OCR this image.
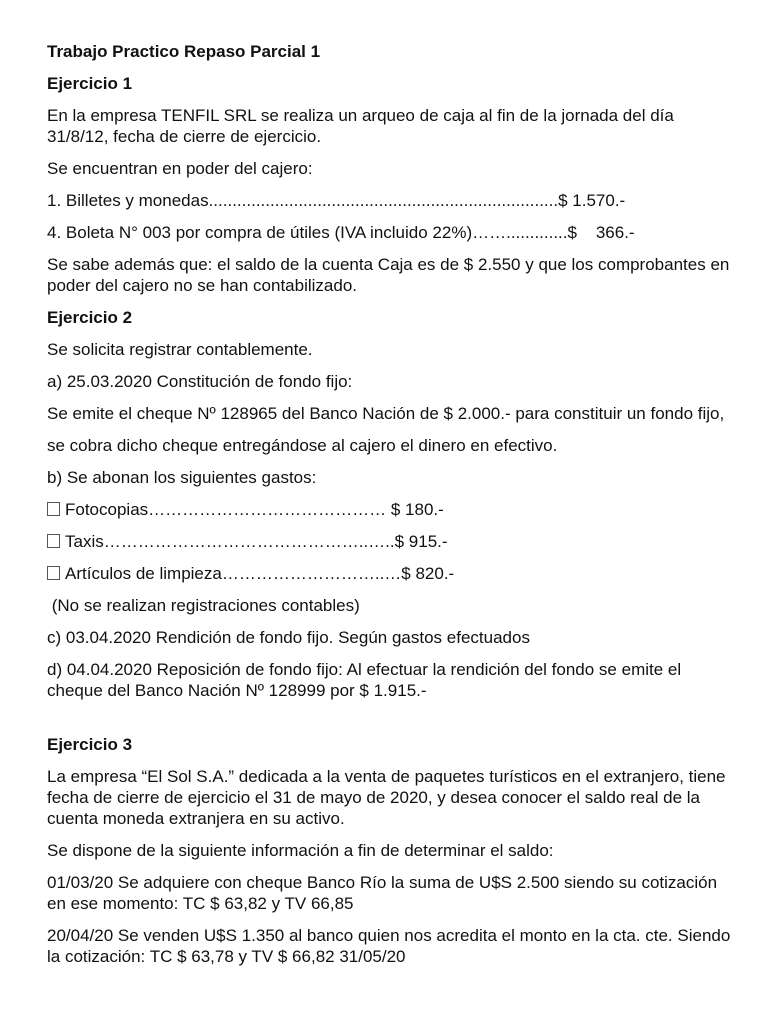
Trabajo Practico Repaso Parcial 1
Ejercicio 1
En la empresa TENFIL SRL se realiza un arqueo de caja al fin de la jornada del día 31/8/12, fecha de cierre de ejercicio.
Se encuentran en poder del cajero:
1. Billetes y monedas..........................................................................$ 1.570.-
4. Boleta N° 003 por compra de útiles (IVA incluido 22%)…….............$    366.-
Se sabe además que: el saldo de la cuenta Caja es de $ 2.550 y que los comprobantes en poder del cajero no se han contabilizado.
Ejercicio 2
Se solicita registrar contablemente.
a) 25.03.2020 Constitución de fondo fijo:
Se emite el cheque Nº 128965 del Banco Nación de $ 2.000.- para constituir un fondo fijo,
se cobra dicho cheque entregándose al cajero el dinero en efectivo.
b) Se abonan los siguientes gastos:
Fotocopias…………………………………… $ 180.-
Taxis………………………………………..…..$ 915.-
Artículos de limpieza………………………..…$ 820.-
(No se realizan registraciones contables)
c) 03.04.2020 Rendición de fondo fijo. Según gastos efectuados
d) 04.04.2020 Reposición de fondo fijo: Al efectuar la rendición del fondo se emite el cheque del Banco Nación Nº 128999 por $ 1.915.-
Ejercicio 3
La empresa “El Sol S.A.” dedicada a la venta de paquetes turísticos en el extranjero, tiene fecha de cierre de ejercicio el 31 de mayo de 2020, y desea conocer el saldo real de la cuenta moneda extranjera en su activo.
Se dispone de la siguiente información a fin de determinar el saldo:
01/03/20 Se adquiere con cheque Banco Río la suma de U$S 2.500 siendo su cotización en ese momento: TC $ 63,82 y TV 66,85
20/04/20 Se venden U$S 1.350 al banco quien nos acredita el monto en la cta. cte. Siendo la cotización: TC $ 63,78 y TV $ 66,82 31/05/20
